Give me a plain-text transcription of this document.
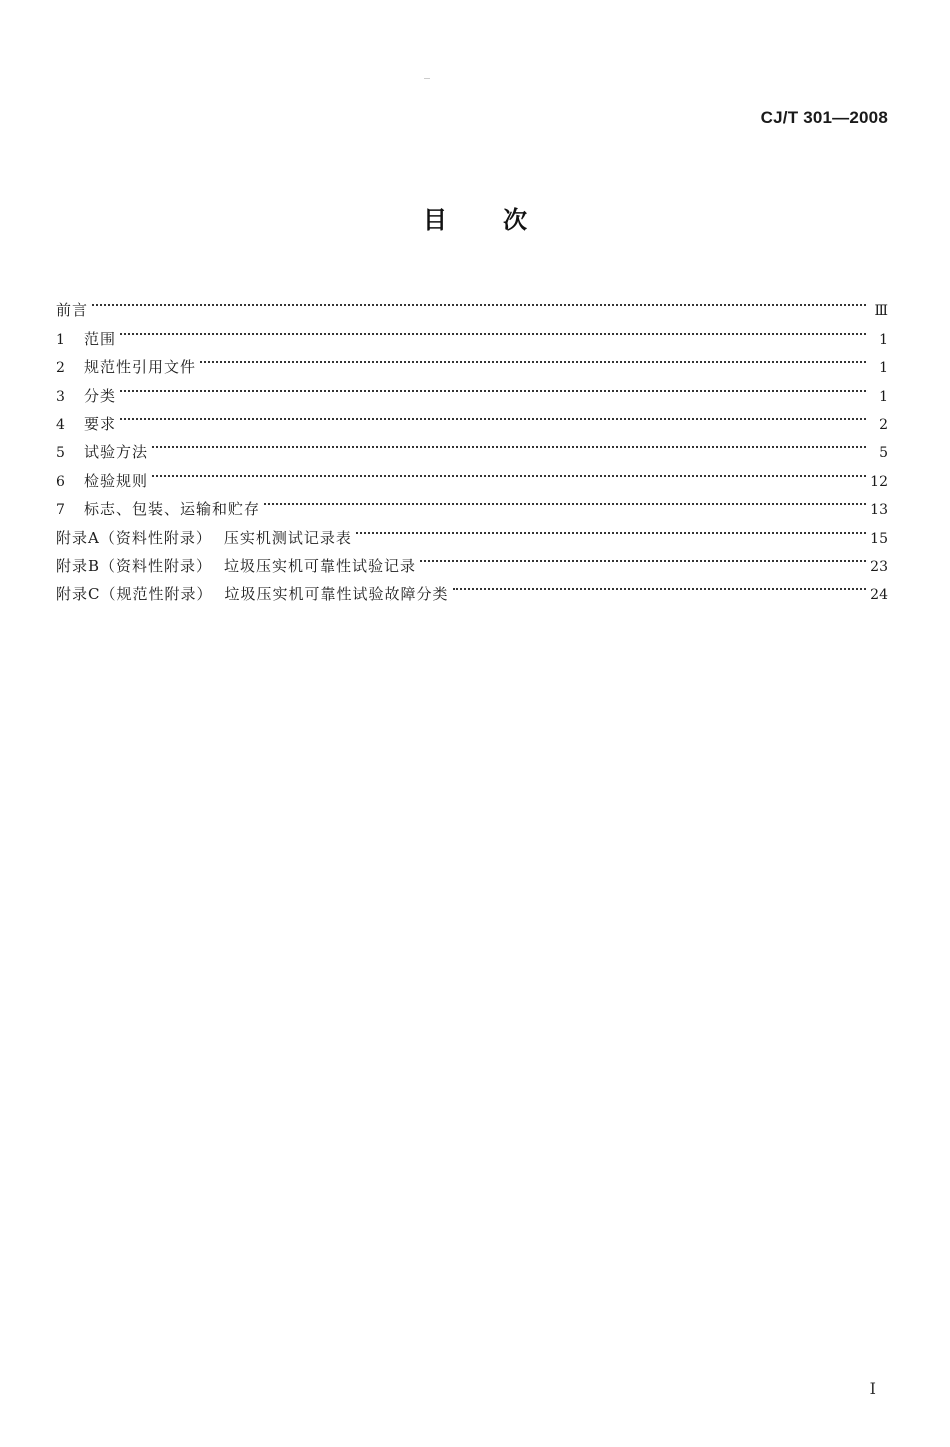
CJ/T 301—2008
目次
前言	Ⅲ
1	范围	1
2	规范性引用文件	1
3	分类	1
4	要求	2
5	试验方法	5
6	检验规则	12
7	标志、包装、运输和贮存	13
附录A（资料性附录） 压实机测试记录表	15
附录B（资料性附录） 垃圾压实机可靠性试验记录	23
附录C（规范性附录） 垃圾压实机可靠性试验故障分类	24
I
